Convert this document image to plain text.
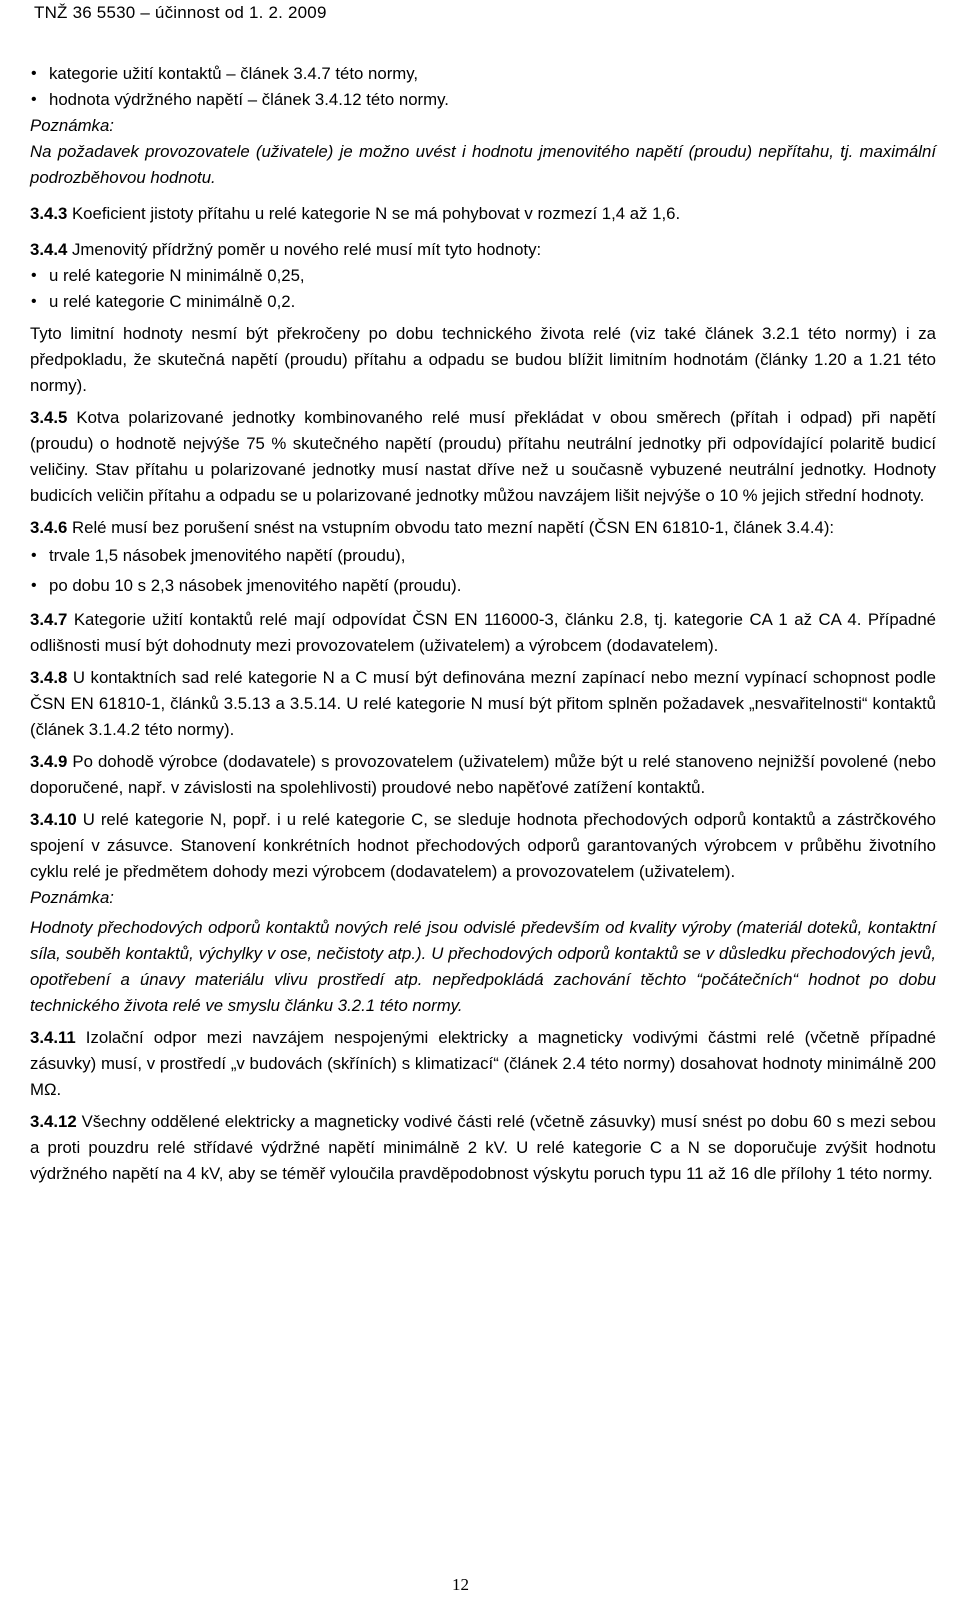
TNŽ 36 5530 – účinnost od 1. 2. 2009
• kategorie užití kontaktů – článek 3.4.7 této normy,
• hodnota výdržného napětí – článek 3.4.12 této normy.

Poznámka:

Na požadavek provozovatele (uživatele) je možno uvést i hodnotu jmenovitého napětí (proudu) nepřítahu, tj. maximální podrozběhovou hodnotu.

3.4.3 Koeficient jistoty přítahu u relé kategorie N se má pohybovat v rozmezí 1,4 až 1,6.

3.4.4 Jmenovitý přídržný poměr u nového relé musí mít tyto hodnoty:

• u relé kategorie N minimálně 0,25,
• u relé kategorie C minimálně 0,2.

Tyto limitní hodnoty nesmí být překročeny po dobu technického života relé (viz také článek 3.2.1 této normy) i za předpokladu, že skutečná napětí (proudu) přítahu a odpadu se budou blížit limitním hodnotám (články 1.20 a 1.21 této normy).

3.4.5 Kotva polarizované jednotky kombinovaného relé musí překládat v obou směrech (přítah i odpad) při napětí (proudu) o hodnotě nejvýše 75 % skutečného napětí (proudu) přítahu neutrální jednotky při odpovídající polaritě budicí veličiny. Stav přítahu u polarizované jednotky musí nastat dříve než u současně vybuzené neutrální jednotky. Hodnoty budicích veličin přítahu a odpadu se u polarizované jednotky můžou navzájem lišit nejvýše o 10 % jejich střední hodnoty.

3.4.6 Relé musí bez porušení snést na vstupním obvodu tato mezní napětí (ČSN EN 61810-1, článek 3.4.4):

• trvale 1,5 násobek jmenovitého napětí (proudu),
• po dobu 10 s 2,3 násobek jmenovitého napětí (proudu).

3.4.7 Kategorie užití kontaktů relé mají odpovídat ČSN EN 116000-3, článku 2.8, tj. kategorie CA 1 až CA 4. Případné odlišnosti musí být dohodnuty mezi provozovatelem (uživatelem) a výrobcem (dodavatelem).

3.4.8 U kontaktních sad relé kategorie N a C musí být definována mezní zapínací nebo mezní vypínací schopnost podle ČSN EN 61810-1, článků 3.5.13 a 3.5.14. U relé kategorie N musí být přitom splněn požadavek „nesvařitelnosti“ kontaktů (článek 3.1.4.2 této normy).

3.4.9 Po dohodě výrobce (dodavatele) s provozovatelem (uživatelem) může být u relé stanoveno nejnižší povolené (nebo doporučené, např. v závislosti na spolehlivosti) proudové nebo napěťové zatížení kontaktů.

3.4.10 U relé kategorie N, popř. i u relé kategorie C, se sleduje hodnota přechodových odporů kontaktů a zástrčkového spojení v zásuvce. Stanovení konkrétních hodnot přechodových odporů garantovaných výrobcem v průběhu životního cyklu relé je předmětem dohody mezi výrobcem (dodavatelem) a provozovatelem (uživatelem).

Poznámka:

Hodnoty přechodových odporů kontaktů nových relé jsou odvislé především od kvality výroby (materiál doteků, kontaktní síla, souběh kontaktů, výchylky v ose, nečistoty atp.). U přechodových odporů kontaktů se v důsledku přechodových jevů, opotřebení a únavy materiálu vlivu prostředí atp. nepředpokládá zachování těchto “počátečních“ hodnot po dobu technického života relé ve smyslu článku 3.2.1 této normy.

3.4.11 Izolační odpor mezi navzájem nespojenými elektricky a magneticky vodivými částmi relé (včetně případné zásuvky) musí, v prostředí „v budovách (skříních) s klimatizací“ (článek 2.4 této normy) dosahovat hodnoty minimálně 200 MΩ.

3.4.12 Všechny oddělené elektricky a magneticky vodivé části relé (včetně zásuvky) musí snést po dobu 60 s mezi sebou a proti pouzdru relé střídavé výdržné napětí minimálně 2 kV. U relé kategorie C a N se doporučuje zvýšit hodnotu výdržného napětí na 4 kV, aby se téměř vyloučila pravděpodobnost výskytu poruch typu 11 až 16 dle přílohy 1 této normy.

12
